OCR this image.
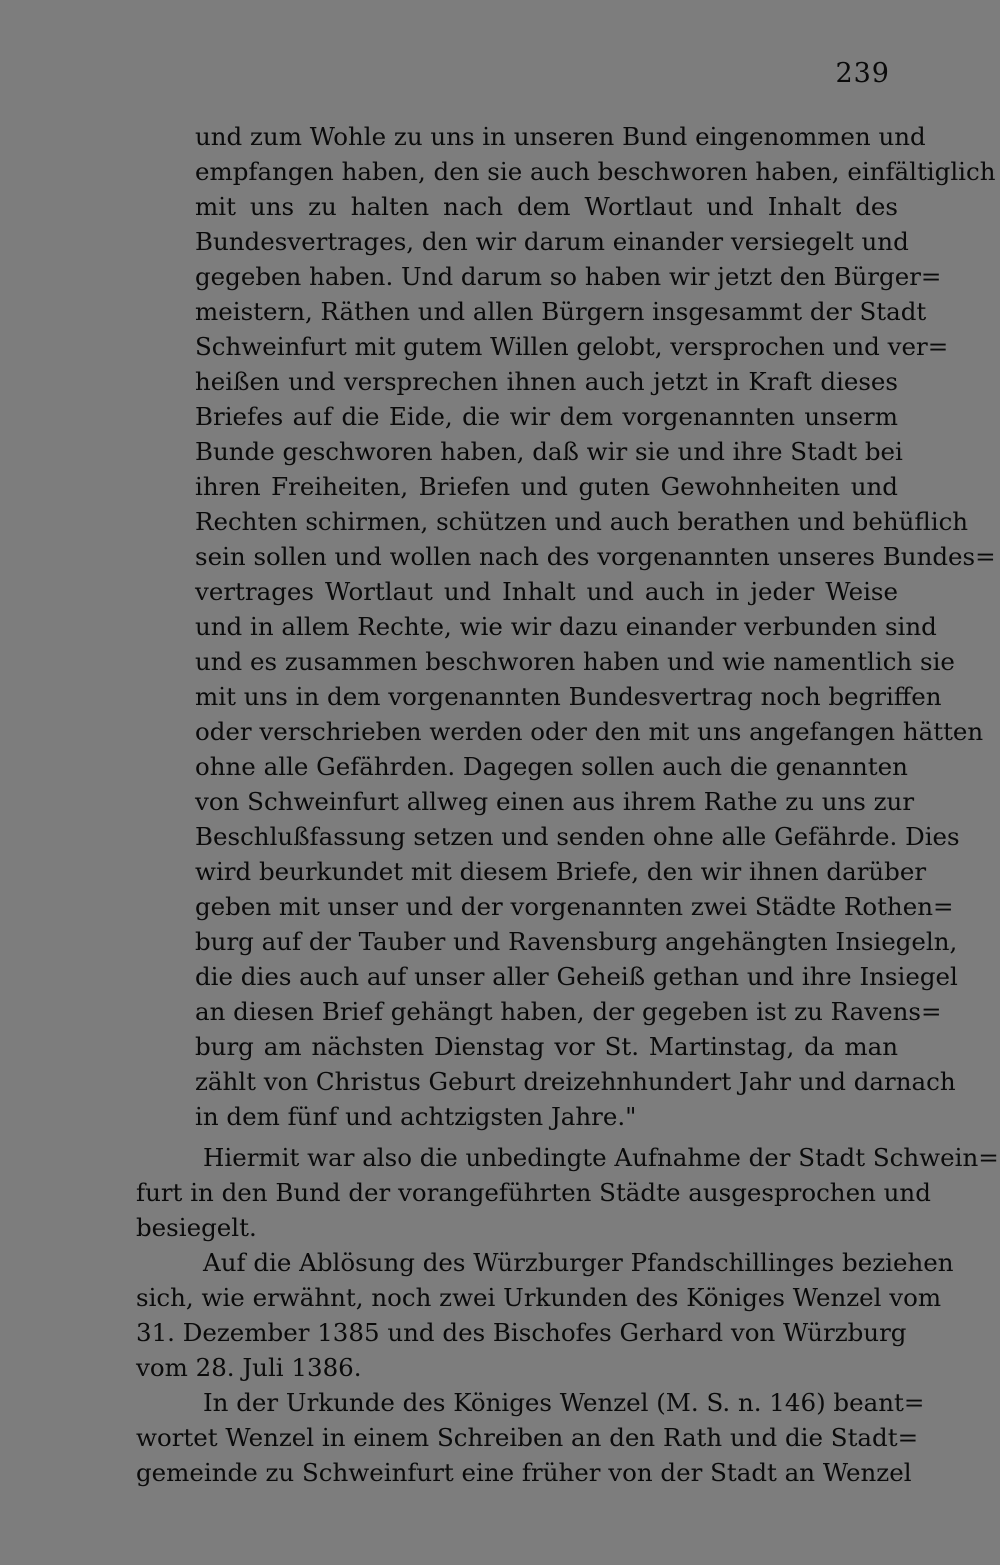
239
und zum Wohle zu uns in unseren Bund eingenommen und
empfangen haben, den sie auch beschworen haben, einfältiglich
mit uns zu halten nach dem Wortlaut und Inhalt des
Bundesvertrages, den wir darum einander versiegelt und
gegeben haben. Und darum so haben wir jetzt den Bürger=
meistern, Räthen und allen Bürgern insgesammt der Stadt
Schweinfurt mit gutem Willen gelobt, versprochen und ver=
heißen und versprechen ihnen auch jetzt in Kraft dieses
Briefes auf die Eide, die wir dem vorgenannten unserm
Bunde geschworen haben, daß wir sie und ihre Stadt bei
ihren Freiheiten, Briefen und guten Gewohnheiten und
Rechten schirmen, schützen und auch berathen und behüflich
sein sollen und wollen nach des vorgenannten unseres Bundes=
vertrages Wortlaut und Inhalt und auch in jeder Weise
und in allem Rechte, wie wir dazu einander verbunden sind
und es zusammen beschworen haben und wie namentlich sie
mit uns in dem vorgenannten Bundesvertrag noch begriffen
oder verschrieben werden oder den mit uns angefangen hätten
ohne alle Gefährden. Dagegen sollen auch die genannten
von Schweinfurt allweg einen aus ihrem Rathe zu uns zur
Beschlußfassung setzen und senden ohne alle Gefährde. Dies
wird beurkundet mit diesem Briefe, den wir ihnen darüber
geben mit unser und der vorgenannten zwei Städte Rothen=
burg auf der Tauber und Ravensburg angehängten Insiegeln,
die dies auch auf unser aller Geheiß gethan und ihre Insiegel
an diesen Brief gehängt haben, der gegeben ist zu Ravens=
burg am nächsten Dienstag vor St. Martinstag, da man
zählt von Christus Geburt dreizehnhundert Jahr und darnach
in dem fünf und achtzigsten Jahre."
Hiermit war also die unbedingte Aufnahme der Stadt Schwein=
furt in den Bund der vorangeführten Städte ausgesprochen und
besiegelt.
Auf die Ablösung des Würzburger Pfandschillinges beziehen
sich, wie erwähnt, noch zwei Urkunden des Königes Wenzel vom
31. Dezember 1385 und des Bischofes Gerhard von Würzburg
vom 28. Juli 1386.
In der Urkunde des Königes Wenzel (M. S. n. 146) beant=
wortet Wenzel in einem Schreiben an den Rath und die Stadt=
gemeinde zu Schweinfurt eine früher von der Stadt an Wenzel
